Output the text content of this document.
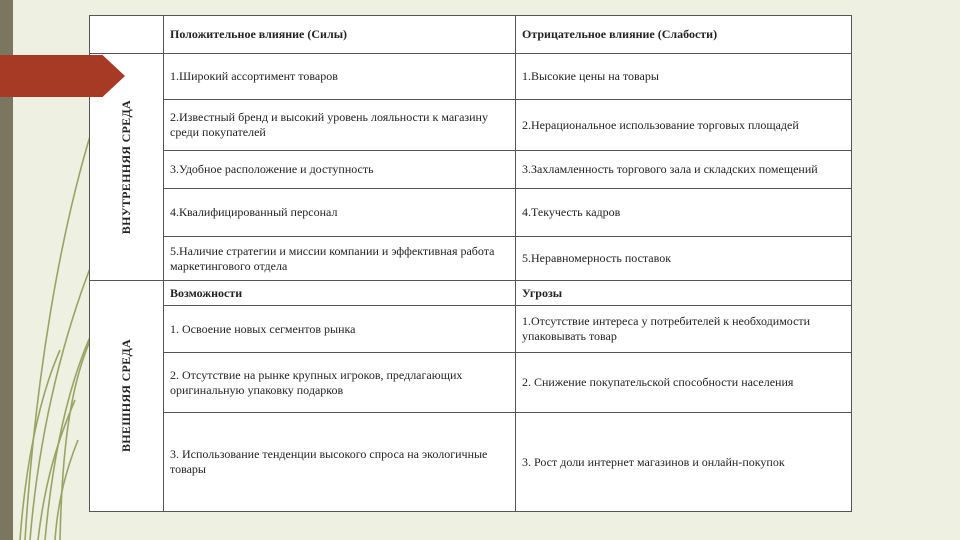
	Положительное влияние (Силы)	Отрицательное влияние (Слабости)

ВНУТРЕННЯЯ СРЕДА	1.Широкий ассортимент товаров	1.Высокие цены на товары
	2.Известный бренд и высокий уровень лояльности к магазину среди покупателей	2.Нерациональное использование торговых площадей
	3.Удобное расположение и доступность	3.Захламленность торгового зала и складских помещений
	4.Квалифицированный персонал	4.Текучесть кадров
	5.Наличие стратегии и миссии компании и эффективная работа маркетингового отдела	5.Неравномерность поставок

ВНЕШНЯЯ СРЕДА	Возможности	Угрозы
	1. Освоение новых сегментов рынка	1.Отсутствие интереса у потребителей к необходимости упаковывать товар
	2. Отсутствие на рынке крупных игроков, предлагающих оригинальную упаковку подарков	2. Снижение покупательской способности населения
	3. Использование тенденции высокого спроса на экологичные товары	3. Рост доли интернет магазинов и онлайн-покупок
